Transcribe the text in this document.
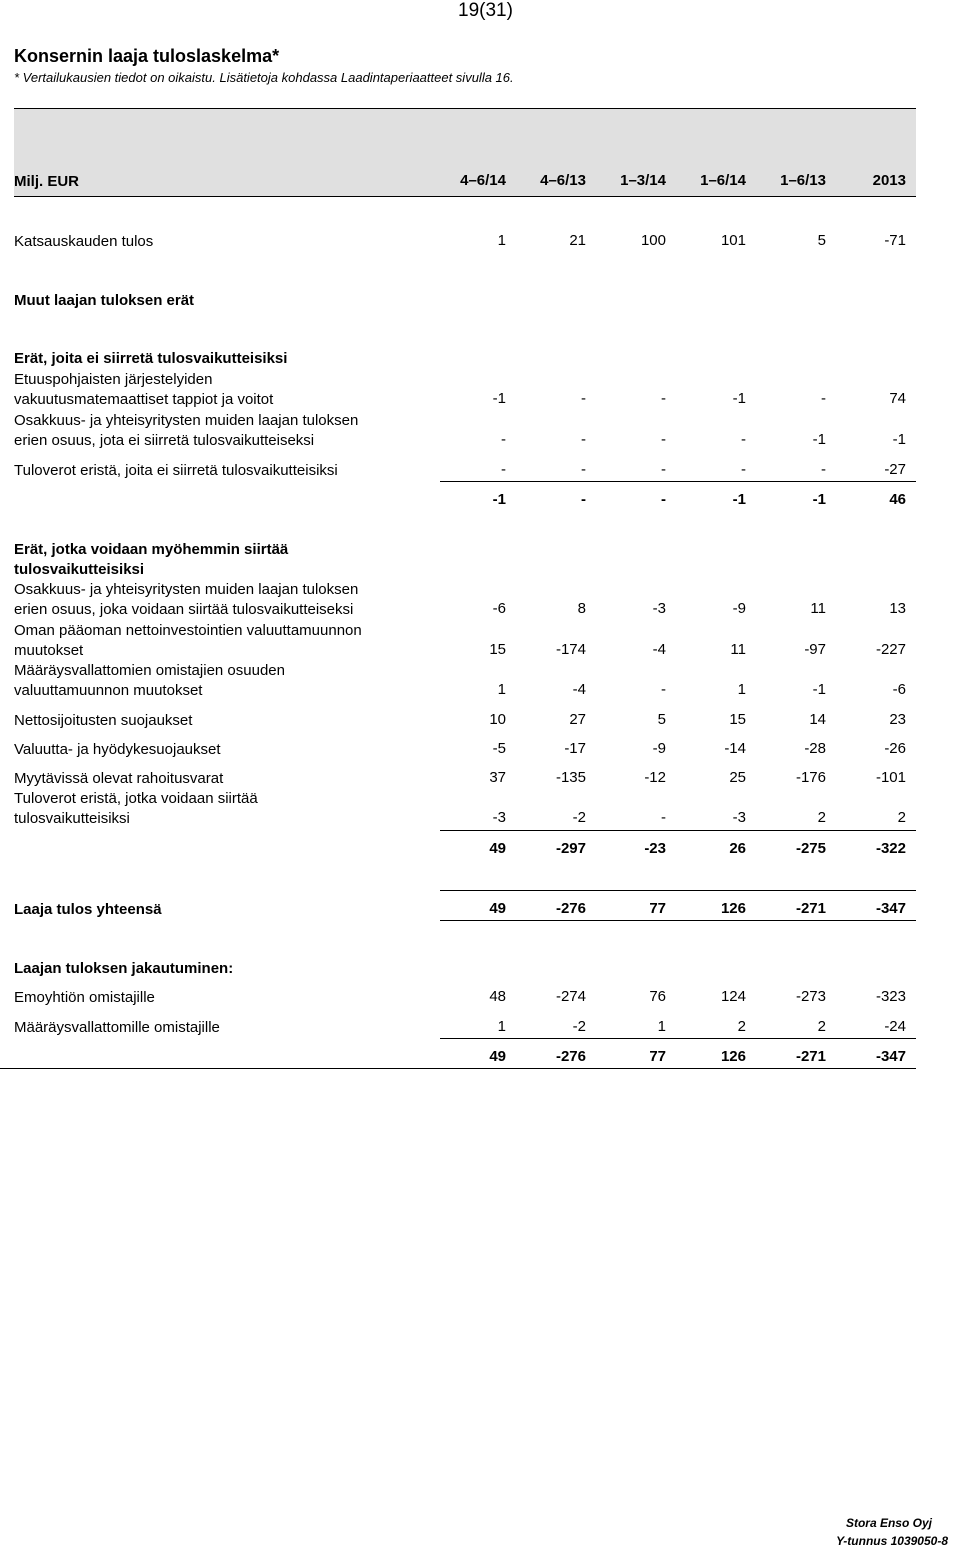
19(31)
Konsernin laaja tuloslaskelma*
* Vertailukausien tiedot on oikaistu. Lisätietoja kohdassa Laadintaperiaatteet sivulla 16.
Milj. EUR	4–6/14	4–6/13	1–3/14	1–6/14	1–6/13	2013
Katsauskauden tulos	1	21	100	101	5	-71
Muut laajan tuloksen erät
Erät, joita ei siirretä tulosvaikutteisiksi
Etuuspohjaisten järjestelyiden
vakuutusmatemaattiset tappiot ja voitot	-1	-	-	-1	-	74
Osakkuus- ja yhteisyritysten muiden laajan tuloksen
erien osuus, jota ei siirretä tulosvaikutteiseksi	-	-	-	-	-1	-1
Tuloverot eristä, joita ei siirretä tulosvaikutteisiksi	-	-	-	-	-	-27
-1	-	-	-1	-1	46
Erät, jotka voidaan myöhemmin siirtää
tulosvaikutteisiksi
Osakkuus- ja yhteisyritysten muiden laajan tuloksen
erien osuus, joka voidaan siirtää tulosvaikutteiseksi	-6	8	-3	-9	11	13
Oman pääoman nettoinvestointien valuuttamuunnon
muutokset	15	-174	-4	11	-97	-227
Määräysvallattomien omistajien osuuden
valuuttamuunnon muutokset	1	-4	-	1	-1	-6
Nettosijoitusten suojaukset	10	27	5	15	14	23
Valuutta- ja hyödykesuojaukset	-5	-17	-9	-14	-28	-26
Myytävissä olevat rahoitusvarat	37	-135	-12	25	-176	-101
Tuloverot eristä, jotka voidaan siirtää
tulosvaikutteisiksi	-3	-2	-	-3	2	2
49	-297	-23	26	-275	-322
Laaja tulos yhteensä	49	-276	77	126	-271	-347
Laajan tuloksen jakautuminen:
Emoyhtiön omistajille	48	-274	76	124	-273	-323
Määräysvallattomille omistajille	1	-2	1	2	2	-24
49	-276	77	126	-271	-347
Stora Enso Oyj
Y-tunnus 1039050-8
